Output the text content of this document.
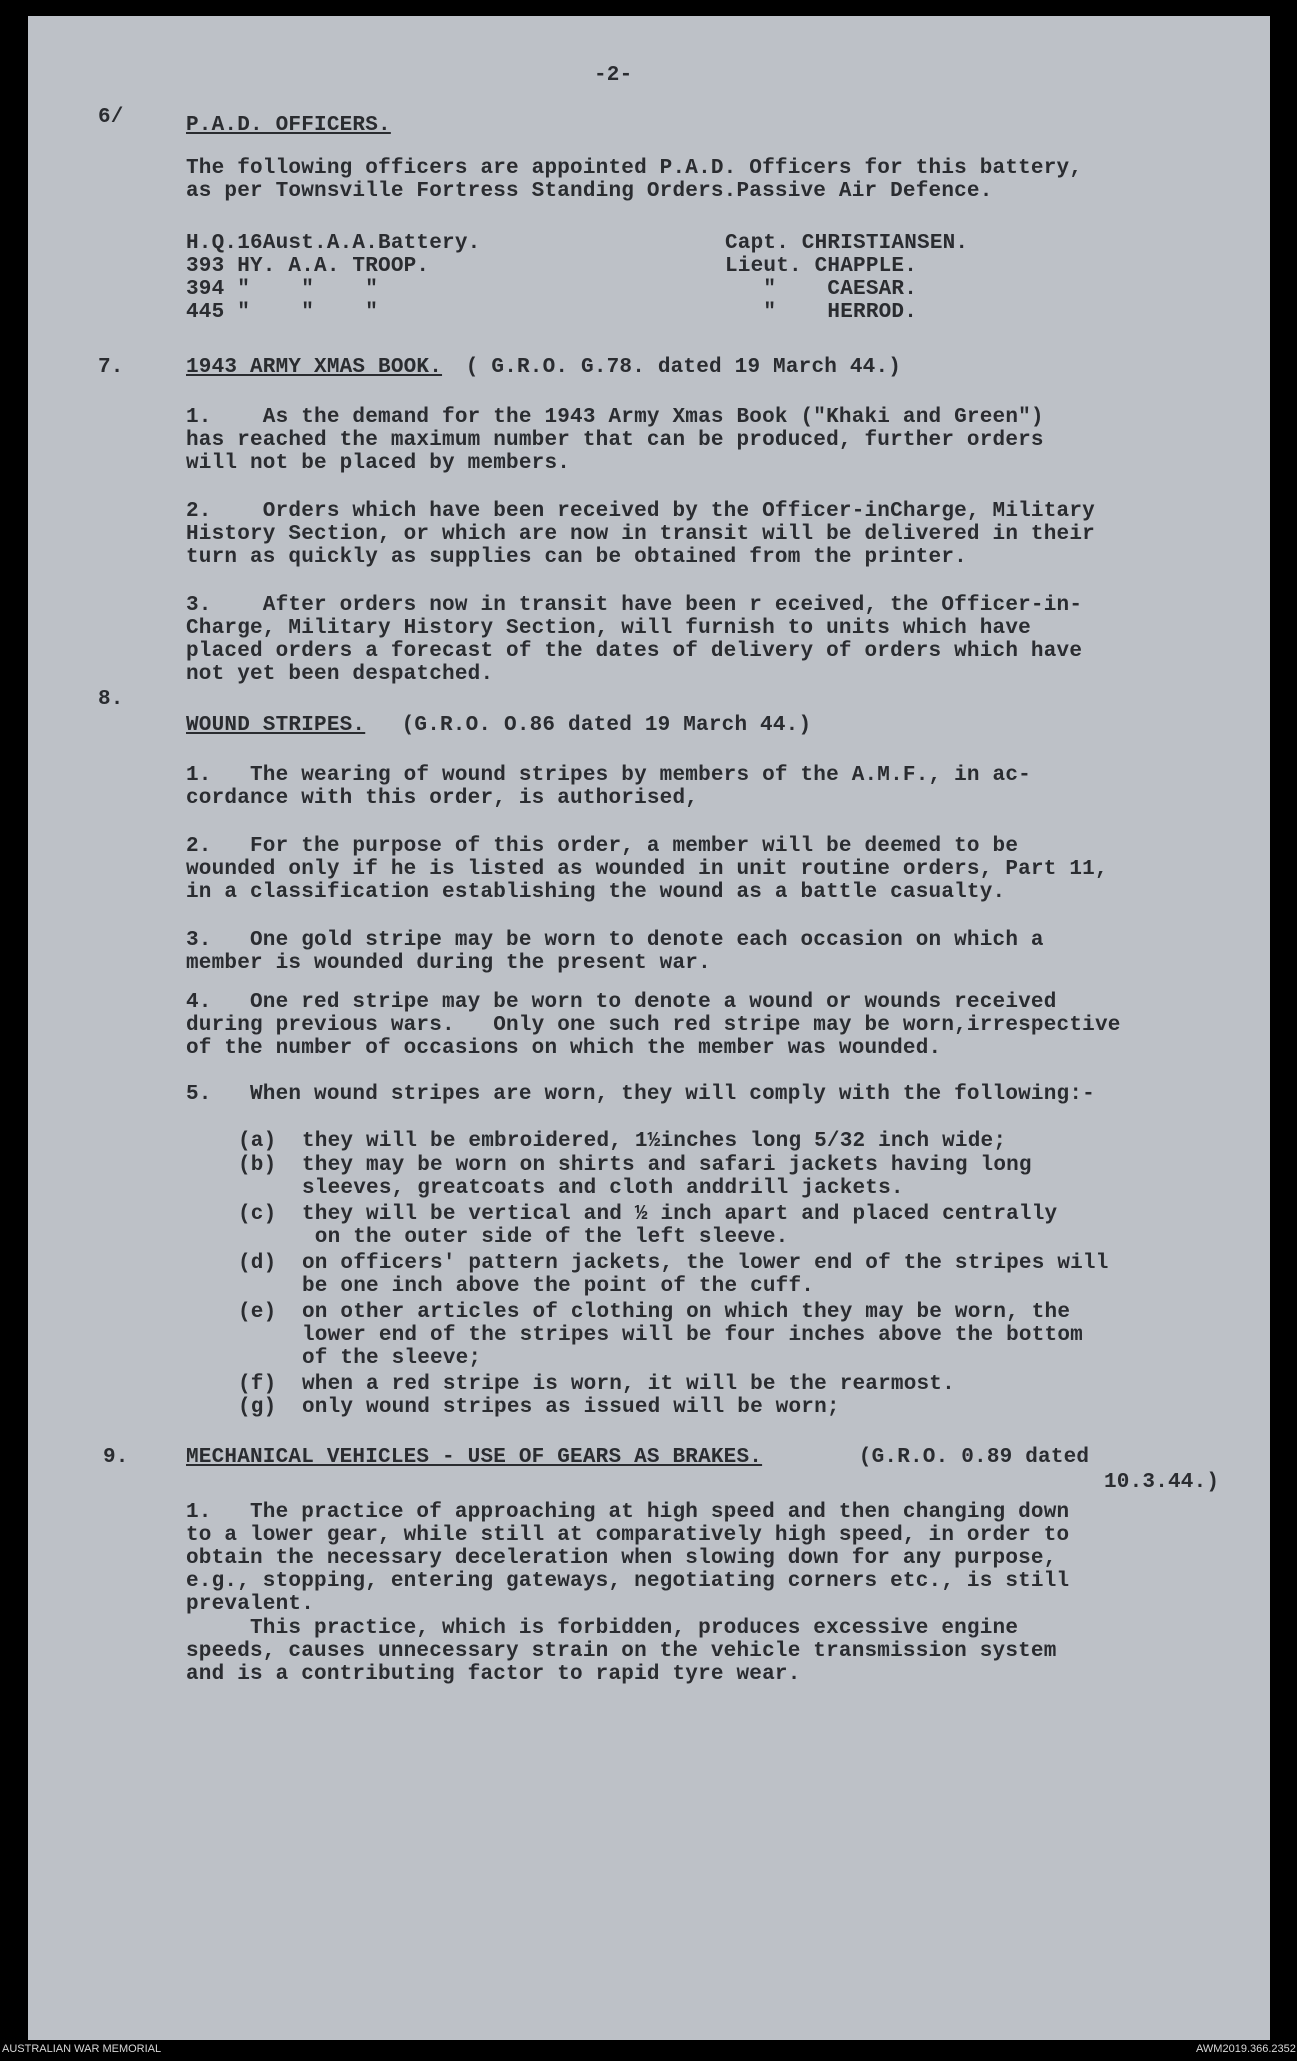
-2-
6/	P.A.D. OFFICERS.
The following officers are appointed P.A.D. Officers for this battery,
as per Townsville Fortress Standing Orders.Passive Air Defence.
H.Q.16Aust.A.A.Battery.	Capt. CHRISTIANSEN.
393 HY. A.A. TROOP.	Lieut. CHAPPLE.
394 "    "    "	"    CAESAR.
445 "    "    "	"    HERROD.
7.	1943 ARMY XMAS BOOK. ( G.R.O. G.78. dated 19 March 44.)
1.    As the demand for the 1943 Army Xmas Book ("Khaki and Green")
has reached the maximum number that can be produced, further orders
will not be placed by members.
2.    Orders which have been received by the Officer-inCharge, Military
History Section, or which are now in transit will be delivered in their
turn as quickly as supplies can be obtained from the printer.
3.    After orders now in transit have been r eceived, the Officer-in-
Charge, Military History Section, will furnish to units which have
placed orders a forecast of the dates of delivery of orders which have
not yet been despatched.
8.
WOUND STRIPES. (G.R.O. O.86 dated 19 March 44.)
1.   The wearing of wound stripes by members of the A.M.F., in ac-
cordance with this order, is authorised,
2.   For the purpose of this order, a member will be deemed to be
wounded only if he is listed as wounded in unit routine orders, Part 11,
in a classification establishing the wound as a battle casualty.
3.   One gold stripe may be worn to denote each occasion on which a
member is wounded during the present war.
4.   One red stripe may be worn to denote a wound or wounds received
during previous wars.   Only one such red stripe may be worn,irrespective
of the number of occasions on which the member was wounded.
5.   When wound stripes are worn, they will comply with the following:-
(a)  they will be embroidered, 1½inches long 5/32 inch wide;
(b)  they may be worn on shirts and safari jackets having long
sleeves, greatcoats and cloth anddrill jackets.
(c)  they will be vertical and ½ inch apart and placed centrally
on the outer side of the left sleeve.
(d)  on officers' pattern jackets, the lower end of the stripes will
be one inch above the point of the cuff.
(e)  on other articles of clothing on which they may be worn, the
lower end of the stripes will be four inches above the bottom
of the sleeve;
(f)  when a red stripe is worn, it will be the rearmost.
(g)  only wound stripes as issued will be worn;
9.	MECHANICAL VEHICLES - USE OF GEARS AS BRAKES.	(G.R.O. 0.89 dated
10.3.44.)
1.   The practice of approaching at high speed and then changing down
to a lower gear, while still at comparatively high speed, in order to
obtain the necessary deceleration when slowing down for any purpose,
e.g., stopping, entering gateways, negotiating corners etc., is still
prevalent.
This practice, which is forbidden, produces excessive engine
speeds, causes unnecessary strain on the vehicle transmission system
and is a contributing factor to rapid tyre wear.
AUSTRALIAN WAR MEMORIAL	AWM2019.366.2352
